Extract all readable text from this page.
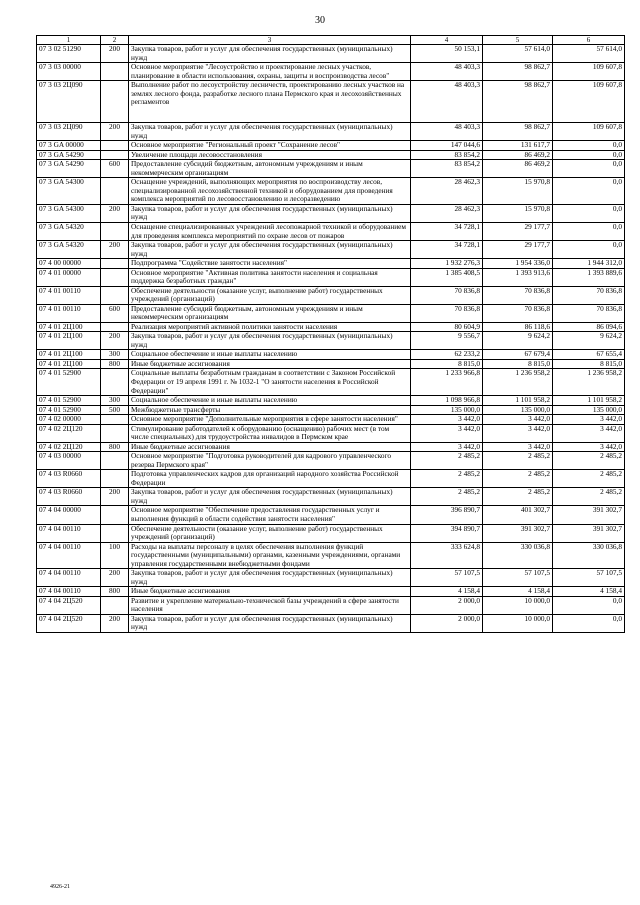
30
1	2	3	4	5	6
07 3 02 51290	200	Закупка товаров, работ и услуг для обеспечения государственных (муниципальных) нужд	50 153,1	57 614,0	57 614,0
07 3 03 00000		Основное мероприятие "Лесоустройство и проектирование лесных участков, планирование в области использования, охраны, защиты и воспроизводства лесов"	48 403,3	98 862,7	109 607,8
07 3 03 2Ц090		Выполнение работ по лесоустройству лесничеств, проектированию лесных участков на землях лесного фонда, разработке лесного плана Пермского края и лесохозяйственных регламентов	48 403,3	98 862,7	109 607,8
07 3 03 2Ц090	200	Закупка товаров, работ и услуг для обеспечения государственных (муниципальных) нужд	48 403,3	98 862,7	109 607,8
07 3 GA 00000		Основное мероприятие "Региональный проект "Сохранение лесов"	147 044,6	131 617,7	0,0
07 3 GA 54290		Увеличение площади лесовосстановления	83 854,2	86 469,2	0,0
07 3 GA 54290	600	Предоставление субсидий бюджетным, автономным учреждениям и иным некоммерческим организациям	83 854,2	86 469,2	0,0
07 3 GA 54300		Оснащение учреждений, выполняющих мероприятия по воспроизводству лесов, специализированной лесохозяйственной техникой и оборудованием для проведения комплекса мероприятий по лесовосстановлению и лесоразведению	28 462,3	15 970,8	0,0
07 3 GA 54300	200	Закупка товаров, работ и услуг для обеспечения государственных (муниципальных) нужд	28 462,3	15 970,8	0,0
07 3 GA 54320		Оснащение специализированных учреждений лесопожарной техникой и оборудованием для проведения комплекса мероприятий по охране лесов от пожаров	34 728,1	29 177,7	0,0
07 3 GA 54320	200	Закупка товаров, работ и услуг для обеспечения государственных (муниципальных) нужд	34 728,1	29 177,7	0,0
07 4 00 00000		Подпрограмма "Содействие занятости населения"	1 932 276,3	1 954 336,0	1 944 312,0
07 4 01 00000		Основное мероприятие "Активная политика занятости населения и социальная поддержка безработных граждан"	1 385 408,5	1 393 913,6	1 393 889,6
07 4 01 00110		Обеспечение деятельности (оказание услуг, выполнение работ) государственных учреждений (организаций)	70 836,8	70 836,8	70 836,8
07 4 01 00110	600	Предоставление субсидий бюджетным, автономным учреждениям и иным некоммерческим организациям	70 836,8	70 836,8	70 836,8
07 4 01 2Ц100		Реализация мероприятий активной политики занятости населения	80 604,9	86 118,6	86 094,6
07 4 01 2Ц100	200	Закупка товаров, работ и услуг для обеспечения государственных (муниципальных) нужд	9 556,7	9 624,2	9 624,2
07 4 01 2Ц100	300	Социальное обеспечение и иные выплаты населению	62 233,2	67 679,4	67 655,4
07 4 01 2Ц100	800	Иные бюджетные ассигнования	8 815,0	8 815,0	8 815,0
07 4 01 52900		Социальные выплаты безработным гражданам в соответствии с Законом Российской Федерации от 19 апреля 1991 г. № 1032-1 "О занятости населения в Российской Федерации"	1 233 966,8	1 236 958,2	1 236 958,2
07 4 01 52900	300	Социальное обеспечение и иные выплаты населению	1 098 966,8	1 101 958,2	1 101 958,2
07 4 01 52900	500	Межбюджетные трансферты	135 000,0	135 000,0	135 000,0
07 4 02 00000		Основное мероприятие "Дополнительные мероприятия в сфере занятости населения"	3 442,0	3 442,0	3 442,0
07 4 02 2Ц120		Стимулирование работодателей к оборудованию (оснащению) рабочих мест (в том числе специальных) для трудоустройства инвалидов в Пермском крае	3 442,0	3 442,0	3 442,0
07 4 02 2Ц120	800	Иные бюджетные ассигнования	3 442,0	3 442,0	3 442,0
07 4 03 00000		Основное мероприятие "Подготовка руководителей для кадрового управленческого резерва Пермского края"	2 485,2	2 485,2	2 485,2
07 4 03 R0660		Подготовка управленческих кадров для организаций народного хозяйства Российской Федерации	2 485,2	2 485,2	2 485,2
07 4 03 R0660	200	Закупка товаров, работ и услуг для обеспечения государственных (муниципальных) нужд	2 485,2	2 485,2	2 485,2
07 4 04 00000		Основное мероприятие "Обеспечение предоставления государственных услуг и выполнения функций в области содействия занятости населения"	396 890,7	401 302,7	391 302,7
07 4 04 00110		Обеспечение деятельности (оказание услуг, выполнение работ) государственных учреждений (организаций)	394 890,7	391 302,7	391 302,7
07 4 04 00110	100	Расходы на выплаты персоналу в целях обеспечения выполнения функций государственными (муниципальными) органами, казенными учреждениями, органами управления государственными внебюджетными фондами	333 624,8	330 036,8	330 036,8
07 4 04 00110	200	Закупка товаров, работ и услуг для обеспечения государственных (муниципальных) нужд	57 107,5	57 107,5	57 107,5
07 4 04 00110	800	Иные бюджетные ассигнования	4 158,4	4 158,4	4 158,4
07 4 04 2Ц520		Развитие и укрепление материально-технической базы учреждений в сфере занятости населения	2 000,0	10 000,0	0,0
07 4 04 2Ц520	200	Закупка товаров, работ и услуг для обеспечения государственных (муниципальных) нужд	2 000,0	10 000,0	0,0
4926-21
